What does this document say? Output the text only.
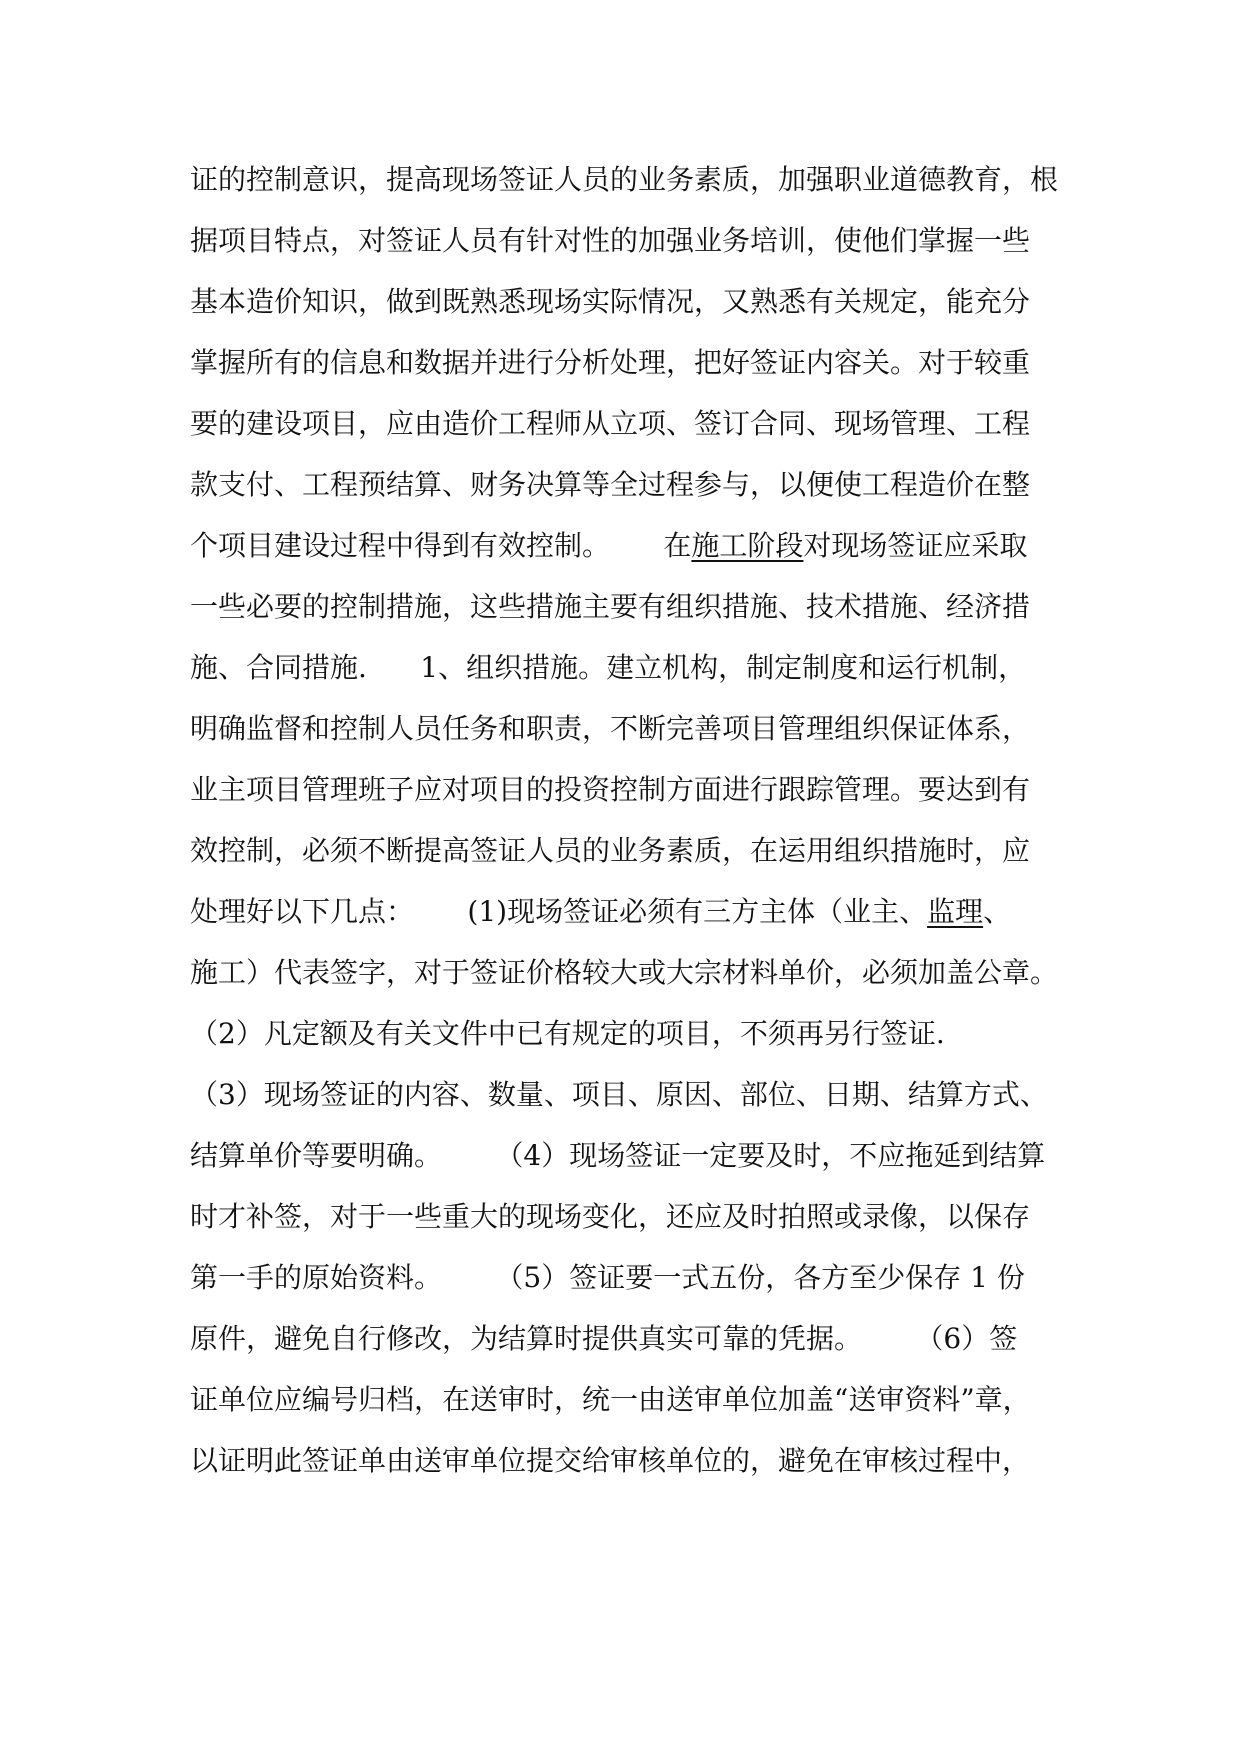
证的控制意识，提高现场签证人员的业务素质，加强职业道德教育，根
据项目特点，对签证人员有针对性的加强业务培训，使他们掌握一些
基本造价知识，做到既熟悉现场实际情况，又熟悉有关规定，能充分
掌握所有的信息和数据并进行分析处理，把好签证内容关。对于较重
要的建设项目，应由造价工程师从立项、签订合同、现场管理、工程
款支付、工程预结算、财务决算等全过程参与，以便使工程造价在整
个项目建设过程中得到有效控制。      在施工阶段对现场签证应采取
一些必要的控制措施，这些措施主要有组织措施、技术措施、经济措
施、合同措施.      1、组织措施。建立机构，制定制度和运行机制，
明确监督和控制人员任务和职责，不断完善项目管理组织保证体系，
业主项目管理班子应对项目的投资控制方面进行跟踪管理。要达到有
效控制，必须不断提高签证人员的业务素质，在运用组织措施时，应
处理好以下几点：      (1)现场签证必须有三方主体（业主、监理、
施工）代表签字，对于签证价格较大或大宗材料单价，必须加盖公章。
（2）凡定额及有关文件中已有规定的项目，不须再另行签证.
（3）现场签证的内容、数量、项目、原因、部位、日期、结算方式、
结算单价等要明确。      （4）现场签证一定要及时，不应拖延到结算
时才补签，对于一些重大的现场变化，还应及时拍照或录像，以保存
第一手的原始资料。      （5）签证要一式五份，各方至少保存 1 份
原件，避免自行修改，为结算时提供真实可靠的凭据。      （6）签
证单位应编号归档，在送审时，统一由送审单位加盖“送审资料”章，
以证明此签证单由送审单位提交给审核单位的，避免在审核过程中，
